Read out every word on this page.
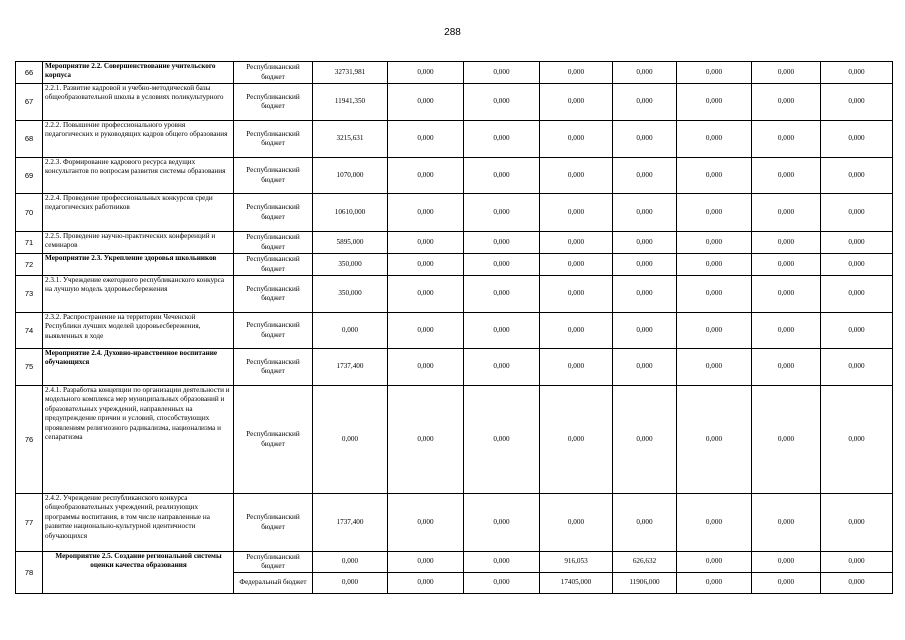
288
66	Мероприятие 2.2. Совершенствование учительского корпуса	Республиканский бюджет	32731,981	0,000	0,000	0,000	0,000	0,000	0,000	0,000
67	2.2.1. Развитие кадровой и учебно-методической базы общеобразовательной школы в условиях поликультурного	Республиканский бюджет	11941,350	0,000	0,000	0,000	0,000	0,000	0,000	0,000
68	2.2.2. Повышение профессионального уровня педагогических и руководящих кадров общего образования	Республиканский бюджет	3215,631	0,000	0,000	0,000	0,000	0,000	0,000	0,000
69	2.2.3. Формирование кадрового ресурса ведущих консультантов по вопросам развития системы образования	Республиканский бюджет	1070,000	0,000	0,000	0,000	0,000	0,000	0,000	0,000
70	2.2.4. Проведение профессиональных конкурсов среди педагогических работников	Республиканский бюджет	10610,000	0,000	0,000	0,000	0,000	0,000	0,000	0,000
71	2.2.5. Проведение научно-практических конференций и семинаров	Республиканский бюджет	5895,000	0,000	0,000	0,000	0,000	0,000	0,000	0,000
72	Мероприятие 2.3. Укрепление здоровья школьников	Республиканский бюджет	350,000	0,000	0,000	0,000	0,000	0,000	0,000	0,000
73	2.3.1. Учреждение ежегодного республиканского конкурса на лучшую модель здоровьесбережения	Республиканский бюджет	350,000	0,000	0,000	0,000	0,000	0,000	0,000	0,000
74	2.3.2. Распространение на территории Чеченской Республики лучших моделей здоровьесбережения, выявленных в ходе	Республиканский бюджет	0,000	0,000	0,000	0,000	0,000	0,000	0,000	0,000
75	Мероприятие 2.4. Духовно-нравственное воспитание обучающихся	Республиканский бюджет	1737,400	0,000	0,000	0,000	0,000	0,000	0,000	0,000
76	2.4.1. Разработка концепции по организации деятельности и модельного комплекса мер муниципальных образований и образовательных учреждений, направленных на предупреждение причин и условий, способствующих проявлениям религиозного радикализма, национализма и сепаратизма	Республиканский бюджет	0,000	0,000	0,000	0,000	0,000	0,000	0,000	0,000
77	2.4.2. Учреждение республиканского конкурса общеобразовательных учреждений, реализующих программы воспитания, в том числе направленные на развитие национально-культурной идентичности обучающихся	Республиканский бюджет	1737,400	0,000	0,000	0,000	0,000	0,000	0,000	0,000
78	Мероприятие 2.5. Создание региональной системы оценки качества образования	Республиканский бюджет	0,000	0,000	0,000	916,053	626,632	0,000	0,000	0,000
		Федеральный бюджет	0,000	0,000	0,000	17405,000	11906,000	0,000	0,000	0,000
